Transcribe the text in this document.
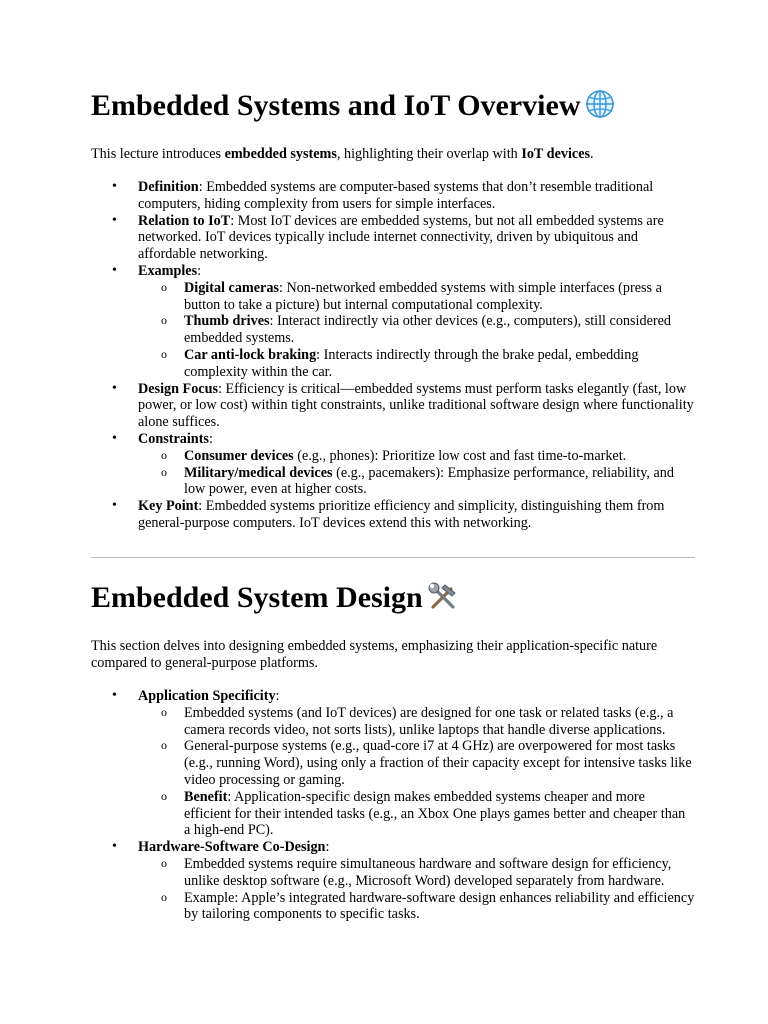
Embedded Systems and IoT Overview

This lecture introduces embedded systems, highlighting their overlap with IoT devices.

• Definition: Embedded systems are computer-based systems that don’t resemble traditional computers, hiding complexity from users for simple interfaces.
• Relation to IoT: Most IoT devices are embedded systems, but not all embedded systems are networked. IoT devices typically include internet connectivity, driven by ubiquitous and affordable networking.
• Examples:
o Digital cameras: Non-networked embedded systems with simple interfaces (press a button to take a picture) but internal computational complexity.
o Thumb drives: Interact indirectly via other devices (e.g., computers), still considered embedded systems.
o Car anti-lock braking: Interacts indirectly through the brake pedal, embedding complexity within the car.
• Design Focus: Efficiency is critical—embedded systems must perform tasks elegantly (fast, low power, or low cost) within tight constraints, unlike traditional software design where functionality alone suffices.
• Constraints:
o Consumer devices (e.g., phones): Prioritize low cost and fast time-to-market.
o Military/medical devices (e.g., pacemakers): Emphasize performance, reliability, and low power, even at higher costs.
• Key Point: Embedded systems prioritize efficiency and simplicity, distinguishing them from general-purpose computers. IoT devices extend this with networking.
Embedded System Design

This section delves into designing embedded systems, emphasizing their application-specific nature compared to general-purpose platforms.

• Application Specificity:
o Embedded systems (and IoT devices) are designed for one task or related tasks (e.g., a camera records video, not sorts lists), unlike laptops that handle diverse applications.
o General-purpose systems (e.g., quad-core i7 at 4 GHz) are overpowered for most tasks (e.g., running Word), using only a fraction of their capacity except for intensive tasks like video processing or gaming.
o Benefit: Application-specific design makes embedded systems cheaper and more efficient for their intended tasks (e.g., an Xbox One plays games better and cheaper than a high-end PC).
• Hardware-Software Co-Design:
o Embedded systems require simultaneous hardware and software design for efficiency, unlike desktop software (e.g., Microsoft Word) developed separately from hardware.
o Example: Apple’s integrated hardware-software design enhances reliability and efficiency by tailoring components to specific tasks.
